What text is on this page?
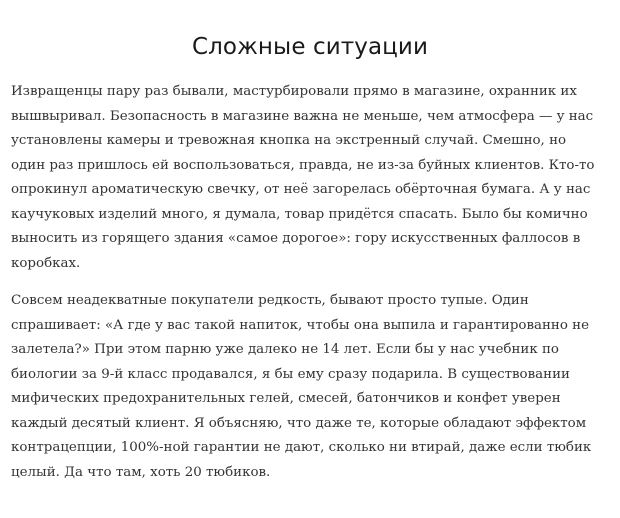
Сложные ситуации

Извращенцы пару раз бывали, мастурбировали прямо в магазине, охранник их
вышвыривал. Безопасность в магазине важна не меньше, чем атмосфера — у нас
установлены камеры и тревожная кнопка на экстренный случай. Смешно, но
один раз пришлось ей воспользоваться, правда, не из-за буйных клиентов. Кто-то
опрокинул ароматическую свечку, от неё загорелась обёрточная бумага. А у нас
каучуковых изделий много, я думала, товар придётся спасать. Было бы комично
выносить из горящего здания «самое дорогое»: гору искусственных фаллосов в
коробках.

Совсем неадекватные покупатели редкость, бывают просто тупые. Один
спрашивает: «А где у вас такой напиток, чтобы она выпила и гарантированно не
залетела?» При этом парню уже далеко не 14 лет. Если бы у нас учебник по
биологии за 9-й класс продавался, я бы ему сразу подарила. В существовании
мифических предохранительных гелей, смесей, батончиков и конфет уверен
каждый десятый клиент. Я объясняю, что даже те, которые обладают эффектом
контрацепции, 100%-ной гарантии не дают, сколько ни втирай, даже если тюбик
целый. Да что там, хоть 20 тюбиков.
